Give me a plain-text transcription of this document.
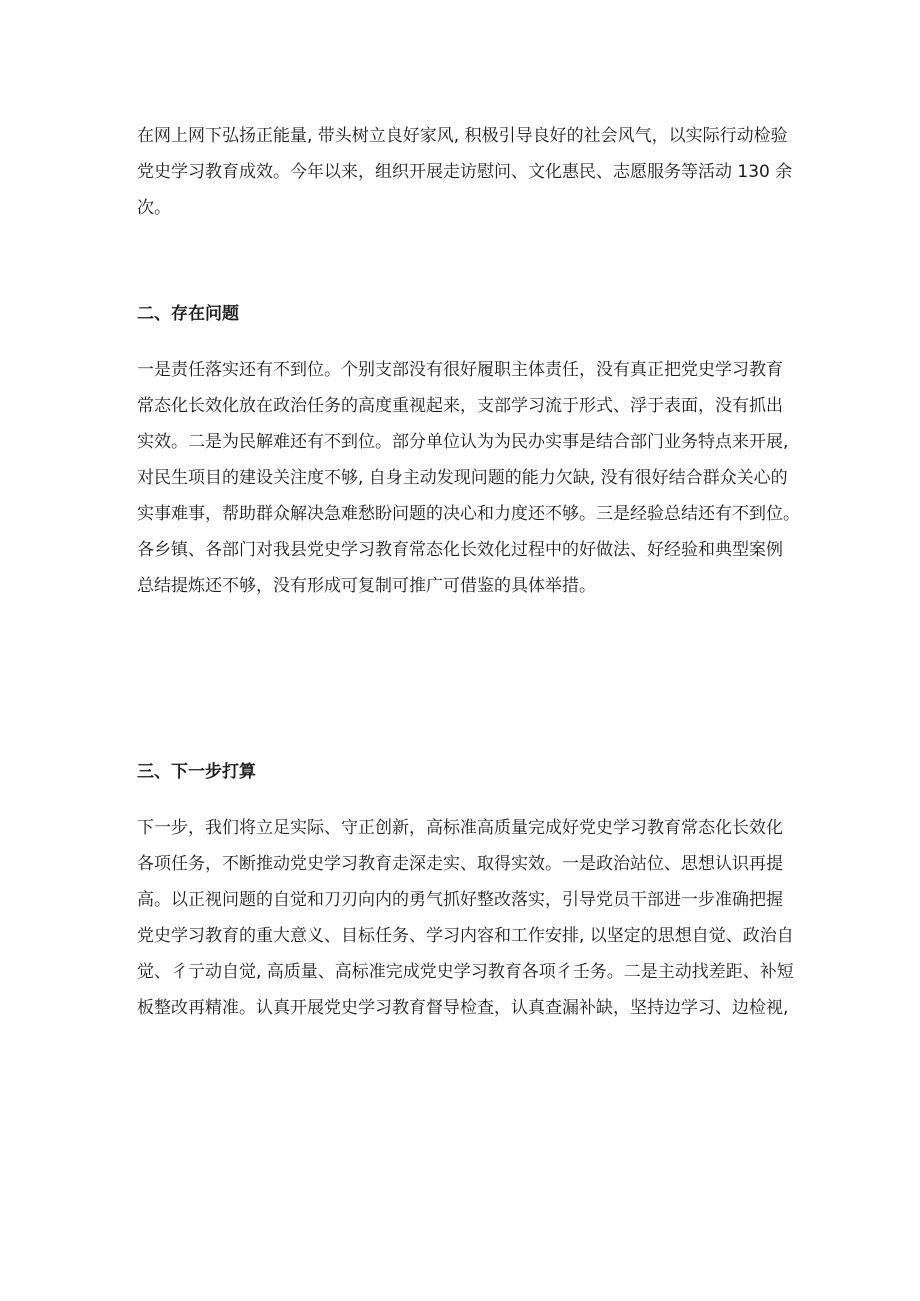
在网上网下弘扬正能量, 带头树立良好家风, 积极引导良好的社会风气，以实际行动检验
党史学习教育成效。今年以来，组织开展走访慰问、文化惠民、志愿服务等活动 130 余
次。
二、存在问题
一是责任落实还有不到位。个别支部没有很好履职主体责任，没有真正把党史学习教育
常态化长效化放在政治任务的高度重视起来，支部学习流于形式、浮于表面，没有抓出
实效。二是为民解难还有不到位。部分单位认为为民办实事是结合部门业务特点来开展,
对民生项目的建设关注度不够, 自身主动发现问题的能力欠缺, 没有很好结合群众关心的
实事难事，帮助群众解决急难愁盼问题的决心和力度还不够。三是经验总结还有不到位。
各乡镇、各部门对我县党史学习教育常态化长效化过程中的好做法、好经验和典型案例
总结提炼还不够，没有形成可复制可推广可借鉴的具体举措。
三、下一步打算
下一步，我们将立足实际、守正创新，高标准高质量完成好党史学习教育常态化长效化
各项任务，不断推动党史学习教育走深走实、取得实效。一是政治站位、思想认识再提
高。以正视问题的自觉和刀刃向内的勇气抓好整改落实，引导党员干部进一步准确把握
党史学习教育的重大意义、目标任务、学习内容和工作安排, 以坚定的思想自觉、政治自
觉、彳亍动自觉, 高质量、高标准完成党史学习教育各项彳壬务。二是主动找差距、补短
板整改再精准。认真开展党史学习教育督导检查，认真查漏补缺，坚持边学习、边检视,
